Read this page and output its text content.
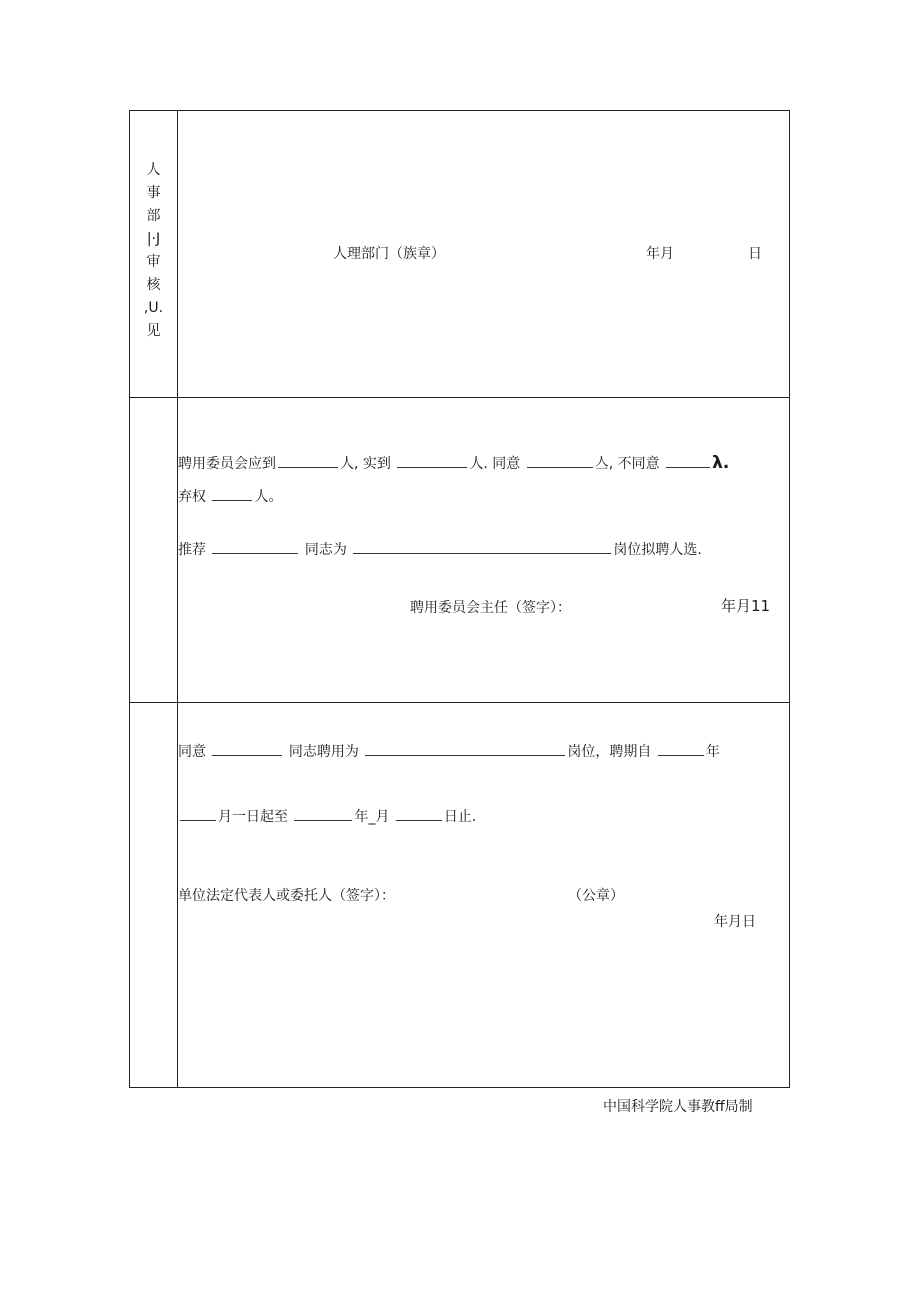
人
事
部
|·J
审
核
,U.
见
人理部门（族章）	年月	日
聘用委员会应到	人, 实到	人. 同意	亼, 不同意	λ.
弃权	人。
推荐	同志为	岗位拟聘人选.
聘用委员会主任（签字）：	年月11
同意	同志聘用为	岗位，聘期自	年
月一日起至	年_月	日止.
单位法定代表人或委托人（签字）：	（公章）
年月日
中国科学院人事教ff局制
